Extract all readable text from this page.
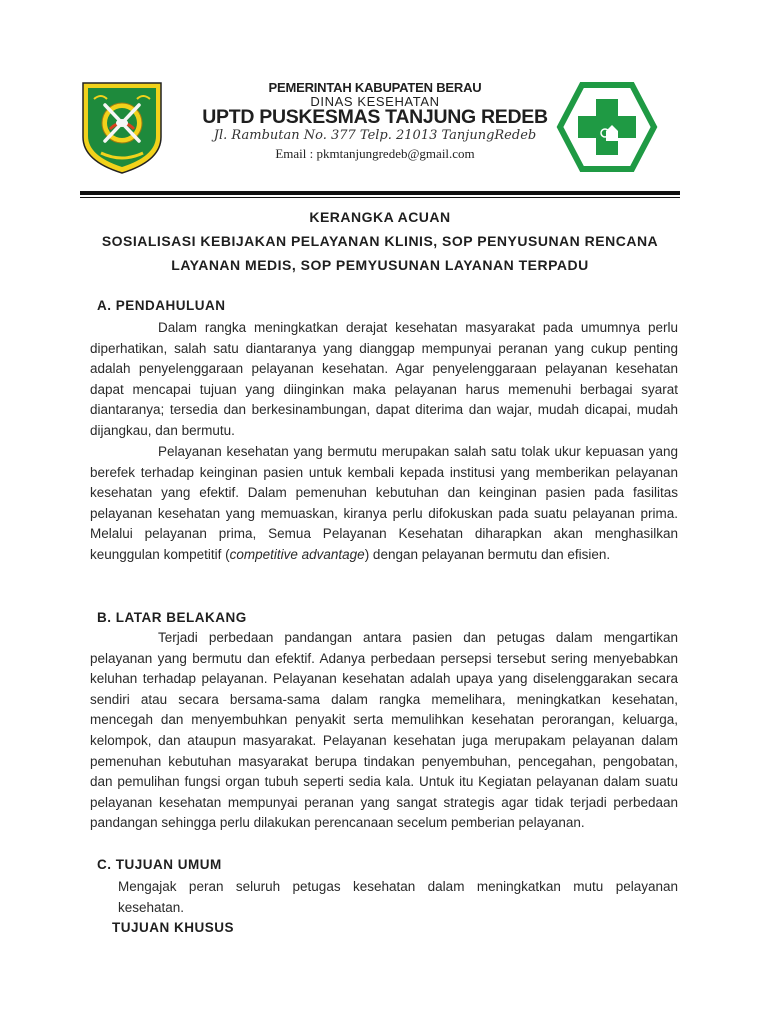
PEMERINTAH KABUPATEN BERAU
DINAS KESEHATAN
UPTD PUSKESMAS TANJUNG REDEB
Jl. Rambutan No. 377 Telp. 21013 TanjungRedeb
Email : pkmtanjungredeb@gmail.com
KERANGKA ACUAN
SOSIALISASI KEBIJAKAN PELAYANAN KLINIS, SOP PENYUSUNAN RENCANA
LAYANAN MEDIS, SOP PEMYUSUNAN LAYANAN TERPADU
A. PENDAHULUAN

Dalam rangka meningkatkan derajat kesehatan masyarakat pada umumnya perlu diperhatikan, salah satu diantaranya yang dianggap mempunyai peranan yang cukup penting adalah penyelenggaraan pelayanan kesehatan. Agar penyelenggaraan pelayanan kesehatan dapat mencapai tujuan yang diinginkan maka pelayanan harus memenuhi berbagai syarat diantaranya; tersedia dan berkesinambungan, dapat diterima dan wajar, mudah dicapai, mudah dijangkau, dan bermutu.

Pelayanan kesehatan yang bermutu merupakan salah satu tolak ukur kepuasan yang berefek terhadap keinginan pasien untuk kembali kepada institusi yang memberikan pelayanan kesehatan yang efektif. Dalam pemenuhan kebutuhan dan keinginan pasien pada fasilitas pelayanan kesehatan yang memuaskan, kiranya perlu difokuskan pada suatu pelayanan prima. Melalui pelayanan prima, Semua Pelayanan Kesehatan diharapkan akan menghasilkan keunggulan kompetitif (competitive advantage) dengan pelayanan bermutu dan efisien.

B. LATAR BELAKANG

Terjadi perbedaan pandangan antara pasien dan petugas dalam mengartikan pelayanan yang bermutu dan efektif. Adanya perbedaan persepsi tersebut sering menyebabkan keluhan terhadap pelayanan. Pelayanan kesehatan adalah upaya yang diselenggarakan secara sendiri atau secara bersama-sama dalam rangka memelihara, meningkatkan kesehatan, mencegah dan menyembuhkan penyakit serta memulihkan kesehatan perorangan, keluarga, kelompok, dan ataupun masyarakat. Pelayanan kesehatan juga merupakam pelayanan dalam pemenuhan kebutuhan masyarakat berupa tindakan penyembuhan, pencegahan, pengobatan, dan pemulihan fungsi organ tubuh seperti sedia kala. Untuk itu Kegiatan pelayanan dalam suatu pelayanan kesehatan mempunyai peranan yang sangat strategis agar tidak terjadi perbedaan pandangan sehingga perlu dilakukan perencanaan secelum pemberian pelayanan.

C. TUJUAN UMUM

Mengajak peran seluruh petugas kesehatan dalam meningkatkan mutu pelayanan kesehatan.

TUJUAN KHUSUS
